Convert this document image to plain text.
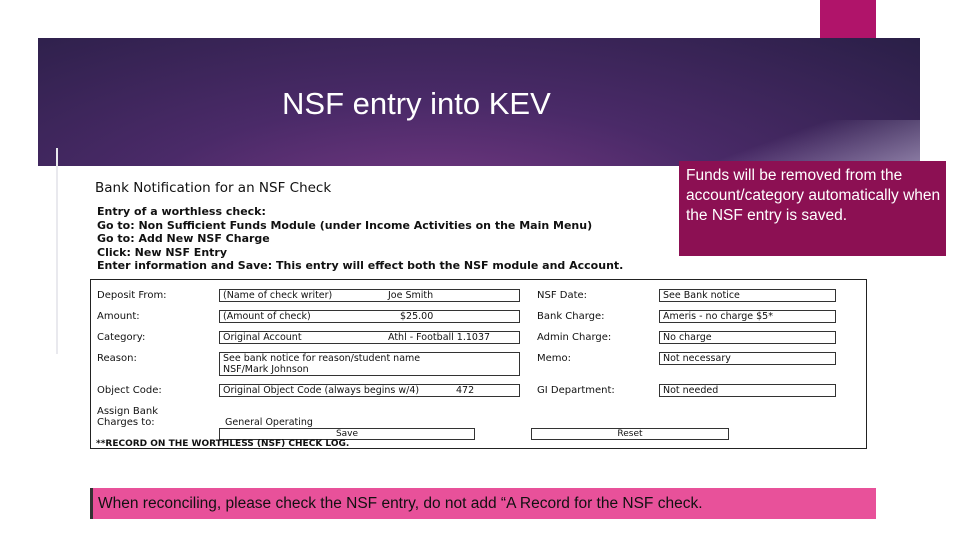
NSF entry into KEV
Bank Notification for an NSF Check
Entry of a worthless check:
Go to: Non Sufficient Funds Module (under Income Activities on the Main Menu)
Go to: Add New NSF Charge
Click: New NSF Entry
Enter information and Save: This entry will effect both the NSF module and Account.
Deposit From:	(Name of check writer)	Joe Smith
Amount:	(Amount of check)	$25.00
Category:	Original Account	Athl - Football 1.1037
Reason:	See bank notice for reason/student name
NSF/Mark Johnson
Object Code:	Original Object Code (always begins w/4)	472
Assign Bank
Charges to:	General Operating
Save	Reset
NSF Date:	See Bank notice
Bank Charge:	Ameris - no charge $5*
Admin Charge:	No charge
Memo:	Not necessary
GI Department:	Not needed
**RECORD ON THE WORTHLESS (NSF) CHECK LOG.
Funds will be removed from the account/category automatically when the NSF entry is saved.
When reconciling, please check the NSF entry, do not add “A Record for the NSF check.
